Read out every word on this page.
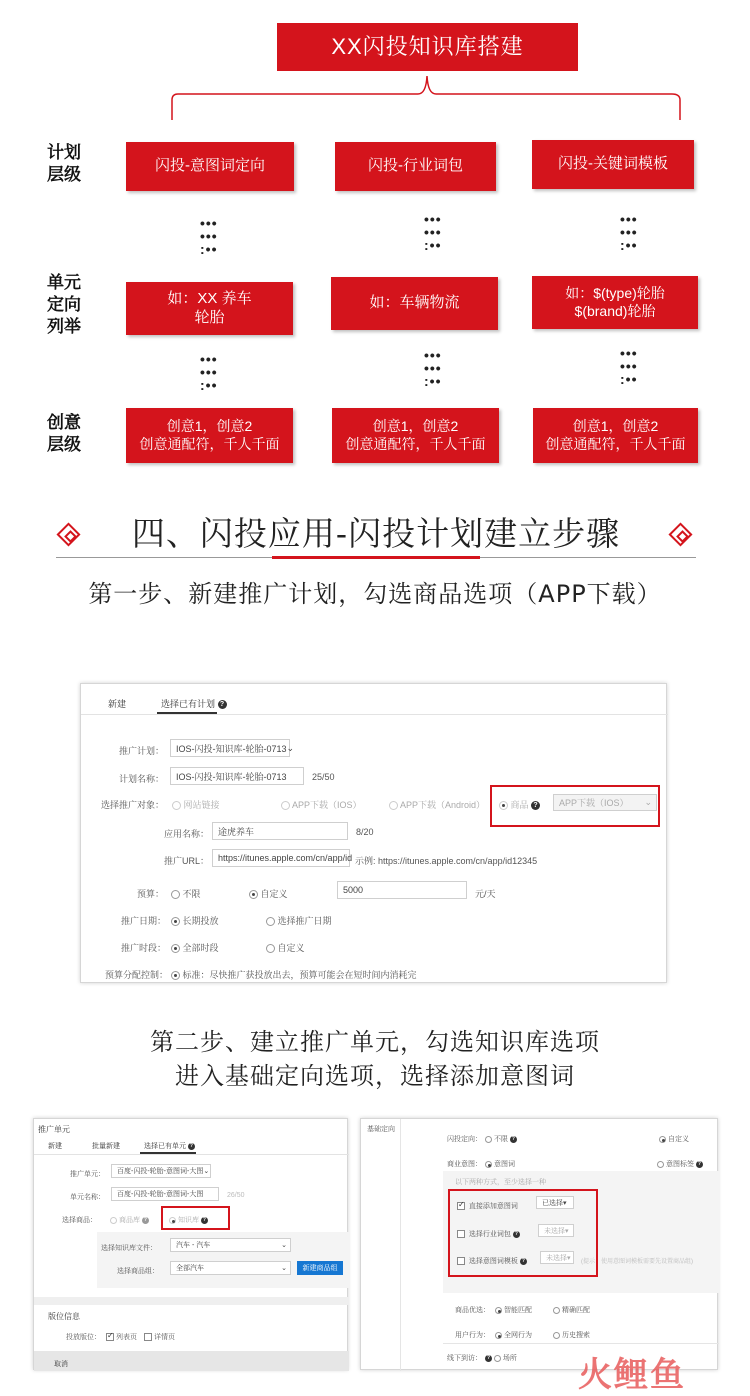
XX闪投知识库搭建
计划
层级
单元
定向
列举
创意
层级
闪投-意图词定向	闪投-行业词包	闪投-关键词模板
•••
•••
:••
•••
•••
:••
•••
•••
:••
如：XX 养车
轮胎
如：车辆物流
如：$(type)轮胎
$(brand)轮胎
•••
•••
:••
•••
•••
:••
•••
•••
:••
创意1，创意2
创意通配符，千人千面
创意1，创意2
创意通配符，千人千面
创意1，创意2
创意通配符，千人千面
四、闪投应用-闪投计划建立步骤
第一步、新建推广计划，勾选商品选项（APP下载）
新建	选择已有计划 ?
推广计划： IOS-闪投-知识库-轮胎-0713 ⌄
计划名称：	IOS-闪投-知识库-轮胎-0713	25/50
选择推广对象：	网站链接	APP下载（IOS）	APP下载（Android）	商品 ? APP下载（IOS） ⌄
应用名称： 途虎养车	8/20
推广URL： https://itunes.apple.com/cn/app/id 示例: https://itunes.apple.com/cn/app/id12345
预算：	不限	自定义	5000	元/天
推广日期：	长期投放	选择推广日期
推广时段：	全部时段	自定义
预算分配控制：	标准：尽快推广获投放出去，预算可能会在短时间内消耗完
第二步、建立推广单元，勾选知识库选项
进入基础定向选项，选择添加意图词
推广单元
新建	批量新建	选择已有单元 ?
推广单元： 百度-闪投-轮胎-意图词-大图 ⌄
单元名称：	百度-闪投-轮胎-意图词-大图	26/50
选择商品：	商品库 ?	知识库 ?
选择知识库文件：	汽车 - 汽车	⌄
选择商品组： 全部汽车	⌄	新建商品组
版位信息
投放版位：
✓	列表页	详情页
取消
基础定向
闪投定向：	不限 ?	自定义
商业意图：	意图词	意图标签 ?
以下两种方式，至少选择一种
✓  直接添加意图词	已选择 ▾
选择行业词包 ?	未选择 ▾
选择意图词模板 ?	未选择 ▾
(提示：使用意图词模板需要先设置商品组)
商品优选：	智能匹配	精确匹配
用户行为：	全网行为	历史搜索
线下到访： ? 场所 火鲤鱼
